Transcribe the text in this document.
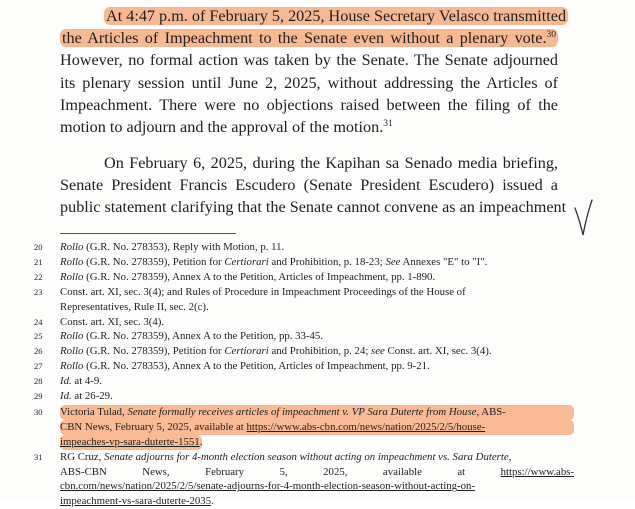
At 4:47 p.m. of February 5, 2025, House Secretary Velasco transmitted
the Articles of Impeachment to the Senate even without a plenary vote.$^{30}$
However, no formal action was taken by the Senate. The Senate adjourned
its plenary session until June 2, 2025, without addressing the Articles of
Impeachment. There were no objections raised between the filing of the
motion to adjourn and the approval of the motion.$^{31}$
On February 6, 2025, during the Kapihan sa Senado media briefing,
Senate President Francis Escudero (Senate President Escudero) issued a
public statement clarifying that the Senate cannot convene as an impeachment
20	Rollo (G.R. No. 278353), Reply with Motion, p. 11.
21	Rollo (G.R. No. 278359), Petition for Certiorari and Prohibition, p. 18-23; See Annexes "E" to "I".
22	Rollo (G.R. No. 278359), Annex A to the Petition, Articles of Impeachment, pp. 1-890.
23	Const. art. XI, sec. 3(4); and Rules of Procedure in Impeachment Proceedings of the House of
Representatives, Rule II, sec. 2(c).
24	Const. art. XI, sec. 3(4).
25	Rollo (G.R. No. 278359), Annex A to the Petition, pp. 33-45.
26	Rollo (G.R. No. 278359), Petition for Certiorari and Prohibition, p. 24; see Const. art. XI, sec. 3(4).
27	Rollo (G.R. No. 278353), Annex A to the Petition, Articles of Impeachment, pp. 9-21.
28	Id. at 4-9.
29	Id. at 26-29.
30	Victoria Tulad, Senate formally receives articles of impeachment v. VP Sara Duterte from House, ABS-
CBN News, February 5, 2025, available at https://www.abs-cbn.com/news/nation/2025/2/5/house-
impeaches-vp-sara-duterte-1551.
31	RG Cruz, Senate adjourns for 4-month election season without acting on impeachment vs. Sara Duterte,
ABS-CBN	News,	February	5,	2025,	available	at	https://www.abs-
cbn.com/news/nation/2025/2/5/senate-adjourns-for-4-month-election-season-without-acting-on-
impeachment-vs-sara-duterte-2035.
